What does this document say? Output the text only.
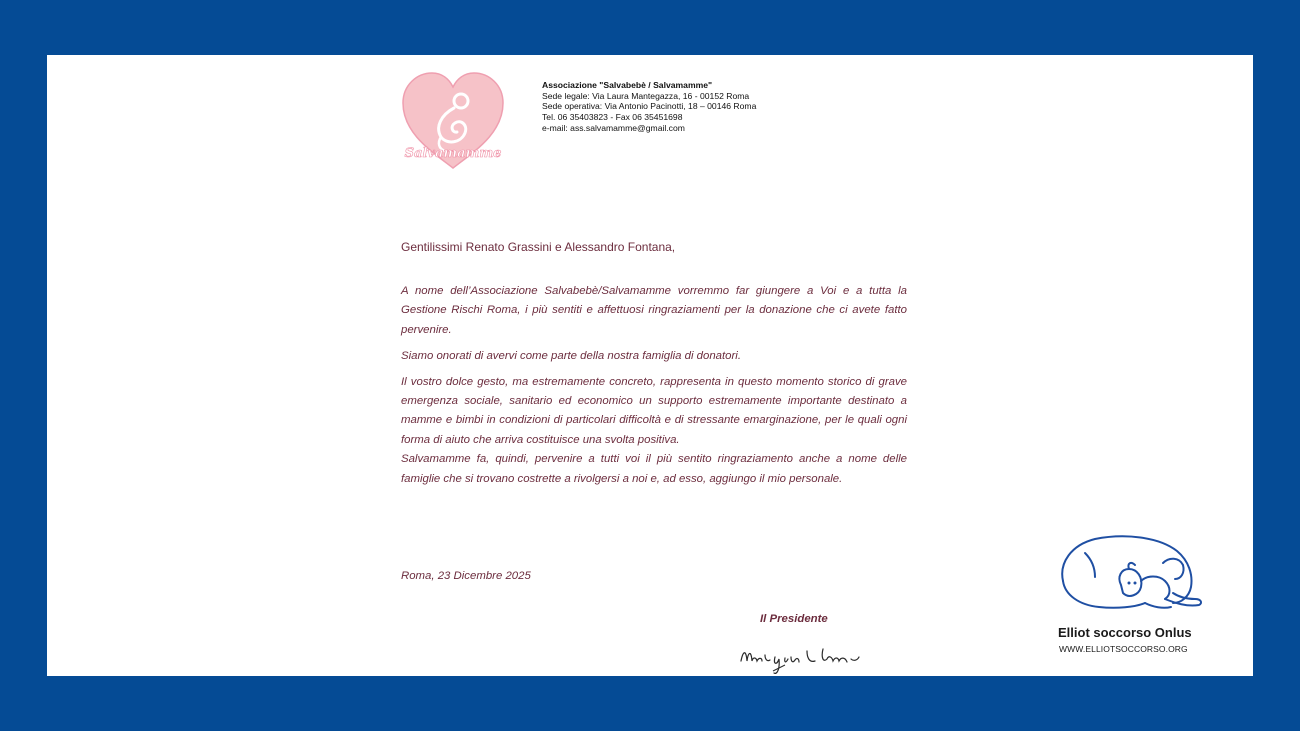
Salvamamme
Associazione "Salvabebè / Salvamamme"
Sede legale: Via Laura Mantegazza, 16 - 00152 Roma
Sede operativa: Via Antonio Pacinotti, 18 – 00146 Roma
Tel. 06 35403823 - Fax 06 35451698
e-mail: ass.salvamamme@gmail.com

Gentilissimi Renato Grassini e Alessandro Fontana,

A nome dell’Associazione Salvabebè/Salvamamme vorremmo far giungere a Voi e a tutta la Gestione Rischi Roma, i più sentiti e affettuosi ringraziamenti per la donazione che ci avete fatto pervenire.

Siamo onorati di avervi come parte della nostra famiglia di donatori.

Il vostro dolce gesto, ma estremamente concreto, rappresenta in questo momento storico di grave emergenza sociale, sanitario ed economico un supporto estremamente importante destinato a mamme e bimbi in condizioni di particolari difficoltà e di stressante emarginazione, per le quali ogni forma di aiuto che arriva costituisce una svolta positiva.

Salvamamme fa, quindi, pervenire a tutti voi il più sentito ringraziamento anche a nome delle famiglie che si trovano costrette a rivolgersi a noi e, ad esso, aggiungo il mio personale.

Roma, 23 Dicembre 2025
Il Presidente
Elliot soccorso Onlus
WWW.ELLIOTSOCCORSO.ORG
